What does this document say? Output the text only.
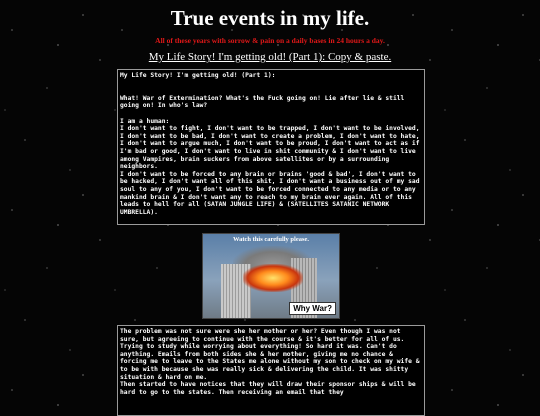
True events in my life.
All of these years with sorrow & pain on a daily bases in 24 hours a day.
My Life Story! I'm getting old! (Part 1): Copy & paste.
My Life Story! I'm getting old! (Part 1):

What! War of Extermination? What's the Fuck going on! Lie after lie & still going on! In who's law?

I am a human:
I don't want to fight, I don't want to be trapped, I don't want to be involved, I don't want to be bad, I don't want to create a problem, I don't want to hate, I don't want to argue much, I don't want to be proud, I don't want to act as if I'm bad or good, I don't want to live in shit community & I don't want to live among Vampires, brain suckers from above satellites or by a surrounding neighbors.
I don't want to be forced to any brain or brains 'good & bad', I don't want to be hacked, I don't want all of this shit, I don't want a business out of my sad soul to any of you, I don't want to be forced connected to any media or to any mankind brain & I don't want any to reach to my brain ever again. All of this leads to hell for all (SATAN JUNGLE LIFE) & (SATELLITES SATANIC NETWORK UMBRELLA).
Watch this carefully please.
Why War?
The problem was not sure were she her mother or her? Even though I was not sure, but agreeing to continue with the course & it's better for all of us.
Trying to study while worrying about everything! So hard it was. Can't do anything. Emails from both sides she & her mother, giving me no chance & forcing me to leave to the States me alone without my son to check on my wife & to be with because she was really sick & delivering the child. It was shitty situation & hard on me.
Then started to have notices that they will draw their sponsor ships & will be hard to go to the states. Then receiving an email that they
